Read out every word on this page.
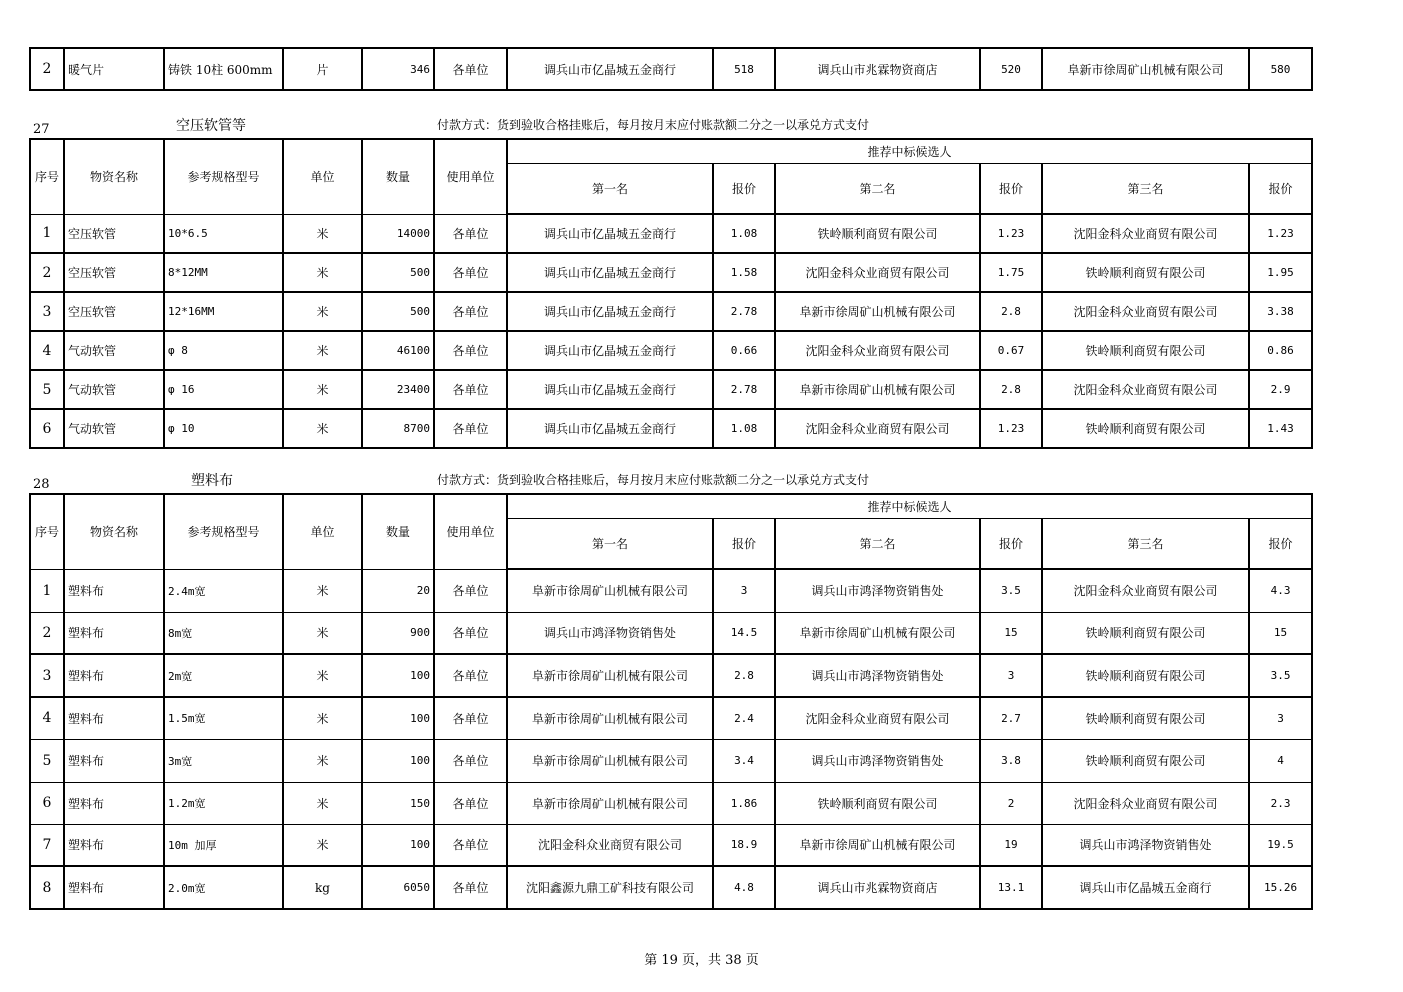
2	暖气片	铸铁 10柱 600mm	片	346	各单位	调兵山市亿晶城五金商行	518	调兵山市兆霖物资商店	520	阜新市徐周矿山机械有限公司	580
27	空压软管等	付款方式：货到验收合格挂账后，每月按月末应付账款额二分之一以承兑方式支付
序号	物资名称	参考规格型号	单位	数量	使用单位	推荐中标候选人					
						第一名	报价	第二名	报价	第三名	报价
1	空压软管	10*6.5	米	14000	各单位	调兵山市亿晶城五金商行	1.08	铁岭顺利商贸有限公司	1.23	沈阳金科众业商贸有限公司	1.23
2	空压软管	8*12MM	米	500	各单位	调兵山市亿晶城五金商行	1.58	沈阳金科众业商贸有限公司	1.75	铁岭顺利商贸有限公司	1.95
3	空压软管	12*16MM	米	500	各单位	调兵山市亿晶城五金商行	2.78	阜新市徐周矿山机械有限公司	2.8	沈阳金科众业商贸有限公司	3.38
4	气动软管	φ 8	米	46100	各单位	调兵山市亿晶城五金商行	0.66	沈阳金科众业商贸有限公司	0.67	铁岭顺利商贸有限公司	0.86
5	气动软管	φ 16	米	23400	各单位	调兵山市亿晶城五金商行	2.78	阜新市徐周矿山机械有限公司	2.8	沈阳金科众业商贸有限公司	2.9
6	气动软管	φ 10	米	8700	各单位	调兵山市亿晶城五金商行	1.08	沈阳金科众业商贸有限公司	1.23	铁岭顺利商贸有限公司	1.43
28	塑料布	付款方式：货到验收合格挂账后，每月按月末应付账款额二分之一以承兑方式支付
序号	物资名称	参考规格型号	单位	数量	使用单位	推荐中标候选人					
						第一名	报价	第二名	报价	第三名	报价
1	塑料布	2.4m宽	米	20	各单位	阜新市徐周矿山机械有限公司	3	调兵山市鸿泽物资销售处	3.5	沈阳金科众业商贸有限公司	4.3
2	塑料布	8m宽	米	900	各单位	调兵山市鸿泽物资销售处	14.5	阜新市徐周矿山机械有限公司	15	铁岭顺利商贸有限公司	15
3	塑料布	2m宽	米	100	各单位	阜新市徐周矿山机械有限公司	2.8	调兵山市鸿泽物资销售处	3	铁岭顺利商贸有限公司	3.5
4	塑料布	1.5m宽	米	100	各单位	阜新市徐周矿山机械有限公司	2.4	沈阳金科众业商贸有限公司	2.7	铁岭顺利商贸有限公司	3
5	塑料布	3m宽	米	100	各单位	阜新市徐周矿山机械有限公司	3.4	调兵山市鸿泽物资销售处	3.8	铁岭顺利商贸有限公司	4
6	塑料布	1.2m宽	米	150	各单位	阜新市徐周矿山机械有限公司	1.86	铁岭顺利商贸有限公司	2	沈阳金科众业商贸有限公司	2.3
7	塑料布	10m 加厚	米	100	各单位	沈阳金科众业商贸有限公司	18.9	阜新市徐周矿山机械有限公司	19	调兵山市鸿泽物资销售处	19.5
8	塑料布	2.0m宽	kg	6050	各单位	沈阳鑫源九鼎工矿科技有限公司	4.8	调兵山市兆霖物资商店	13.1	调兵山市亿晶城五金商行	15.26
第 19 页，共 38 页
